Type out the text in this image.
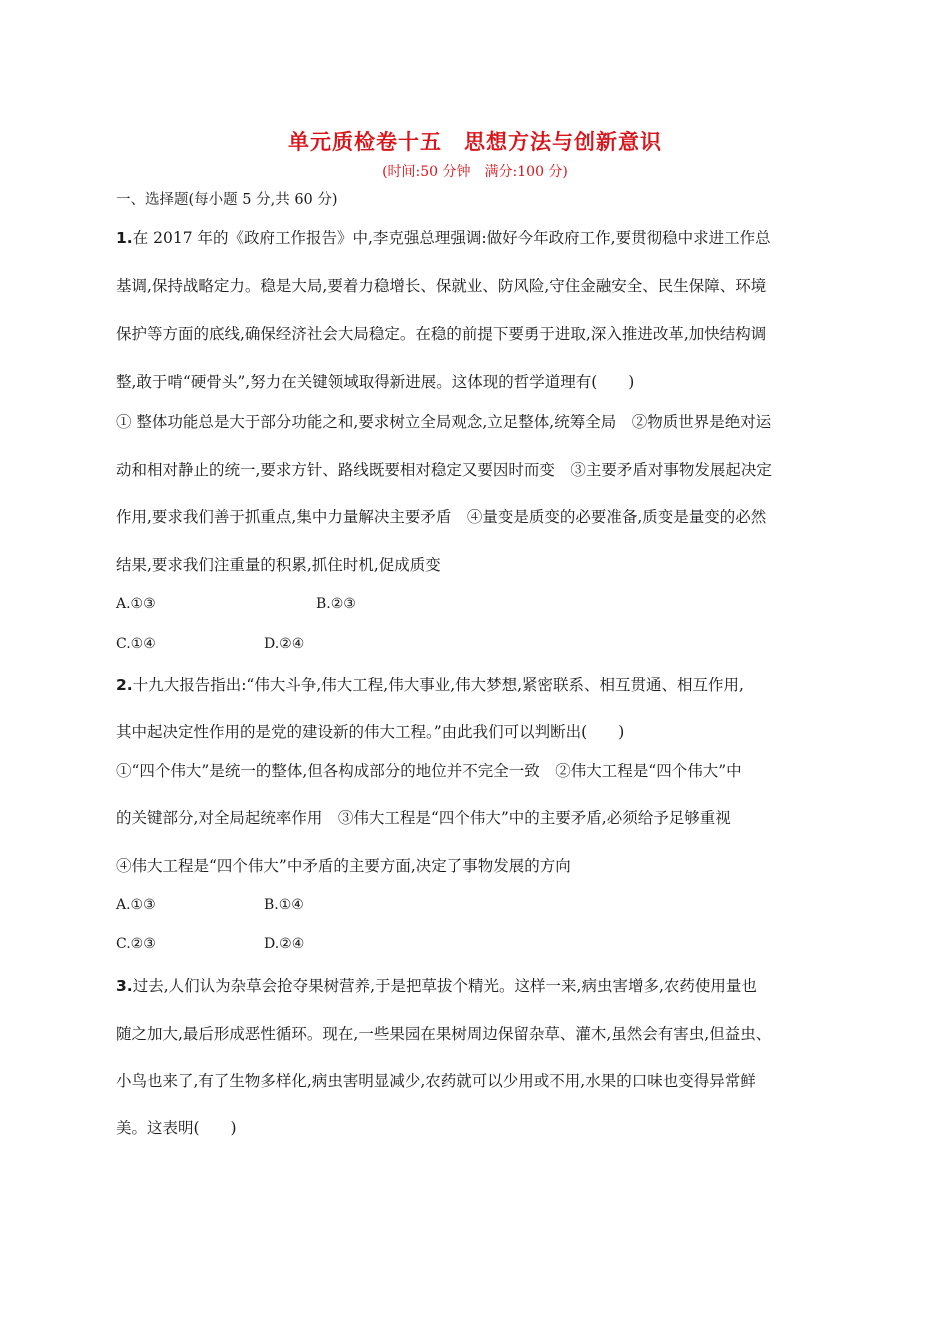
单元质检卷十五　思想方法与创新意识
(时间:50 分钟　满分:100 分)
一、选择题(每小题 5 分,共 60 分)
1.在 2017 年的《政府工作报告》中,李克强总理强调:做好今年政府工作,要贯彻稳中求进工作总
基调,保持战略定力。稳是大局,要着力稳增长、保就业、防风险,守住金融安全、民生保障、环境
保护等方面的底线,确保经济社会大局稳定。在稳的前提下要勇于进取,深入推进改革,加快结构调
整,敢于啃“硬骨头”,努力在关键领域取得新进展。这体现的哲学道理有(　　)
① 整体功能总是大于部分功能之和,要求树立全局观念,立足整体,统筹全局　②物质世界是绝对运
动和相对静止的统一,要求方针、路线既要相对稳定又要因时而变　③主要矛盾对事物发展起决定
作用,要求我们善于抓重点,集中力量解决主要矛盾　④量变是质变的必要准备,质变是量变的必然
结果,要求我们注重量的积累,抓住时机,促成质变
A.①③	B.②③
C.①④	D.②④
2.十九大报告指出:“伟大斗争,伟大工程,伟大事业,伟大梦想,紧密联系、相互贯通、相互作用,
其中起决定性作用的是党的建设新的伟大工程。”由此我们可以判断出(　　)
①“四个伟大”是统一的整体,但各构成部分的地位并不完全一致　②伟大工程是“四个伟大”中
的关键部分,对全局起统率作用　③伟大工程是“四个伟大”中的主要矛盾,必须给予足够重视
④伟大工程是“四个伟大”中矛盾的主要方面,决定了事物发展的方向
A.①③	B.①④
C.②③	D.②④
3.过去,人们认为杂草会抢夺果树营养,于是把草拔个精光。这样一来,病虫害增多,农药使用量也
随之加大,最后形成恶性循环。现在,一些果园在果树周边保留杂草、灌木,虽然会有害虫,但益虫、
小鸟也来了,有了生物多样化,病虫害明显减少,农药就可以少用或不用,水果的口味也变得异常鲜
美。这表明(　　)
